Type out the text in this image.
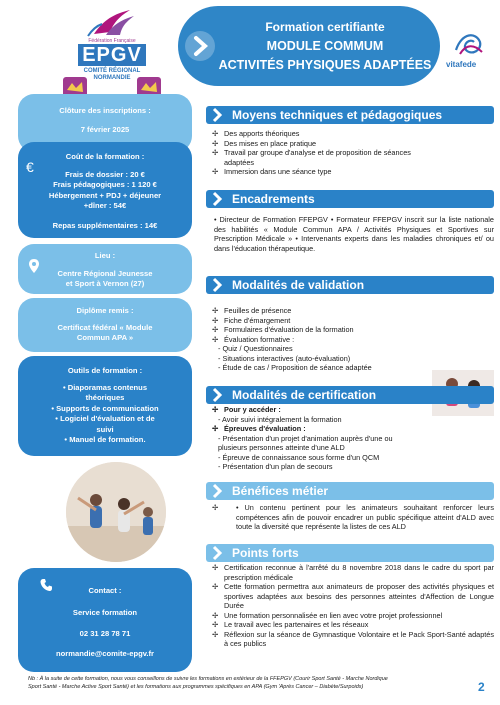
Fédération Française
EPGV
COMITÉ RÉGIONAL
NORMANDIE
Formation certifiante
MODULE COMMUM
ACTIVITÉS PHYSIQUES ADAPTÉES	vitafede
Clôture des inscriptions :
7 février 2025
€
Coût de la formation :
Frais de dossier : 20 €
Frais pédagogiques : 1 120 €
Hébergement + PDJ + déjeuner
+dîner : 54€
Repas supplémentaires : 14€
Lieu :
Centre Régional Jeunesse
et Sport à Vernon (27)
Diplôme remis :
Certificat fédéral « Module
Commun APA »
Outils de formation :
• Diaporamas contenus
théoriques
• Supports de communication
• Logiciel d'évaluation et de
suivi
• Manuel de formation.
Contact :
Service formation
02 31 28 78 71
normandie@comite-epgv.fr
Moyens techniques et pédagogiques
✢ Des apports théoriques
✢ Des mises en place pratique
✢ Travail par groupe d'analyse et de proposition de séances
adaptées
✢ Immersion dans une séance type
Encadrements
• Directeur de Formation FFEPGV • Formateur FFEPGV inscrit sur la liste nationale des habilités « Module Commun APA / Activités Physiques et Sportives sur Prescription Médicale » • Intervenants experts dans les maladies chroniques et/ ou dans l'éducation thérapeutique.
Modalités de validation
✢ Feuilles de présence
✢ Fiche d'émargement
✢ Formulaires d'évaluation de la formation
✢ Évaluation formative :
- Quiz / Questionnaires
- Situations interactives (auto-évaluation)
- Étude de cas / Proposition de séance adaptée
Modalités de certification
✢ Pour y accéder :
- Avoir suivi intégralement la formation
✢ Épreuves d'évaluation :
- Présentation d'un projet d'animation auprès d'une ou
plusieurs personnes atteinte d'une ALD
- Épreuve de connaissance sous forme d'un QCM
- Présentation d'un plan de secours
Bénéfices métier
✢ • Un contenu pertinent pour les animateurs souhaitant renforcer leurs compétences afin de pouvoir encadrer un public spécifique atteint d'ALD avec toute la diversité que représente la listes de ces ALD
Points forts
✢ Certification reconnue à l'arrêté du 8 novembre 2018 dans le cadre du sport par prescription médicale
✢ Cette formation permettra aux animateurs de proposer des activités physiques et sportives adaptées aux besoins des personnes atteintes d'Affection de Longue Durée
✢ Une formation personnalisée en lien avec votre projet professionnel
✢ Le travail avec les partenaires et les réseaux
✢ Réflexion sur la séance de Gymnastique Volontaire et le Pack Sport-Santé adaptés à ces publics
Nb : À la suite de cette formation, nous vous conseillons de suivre les formations en extérieur de la FFEPGV (Courir Sport Santé - Marche Nordique
Sport Santé - Marche Active Sport Santé) et les formations aux programmes spécifiques en APA (Gym 'Après Cancer – Diabète/Surpoids)	2
